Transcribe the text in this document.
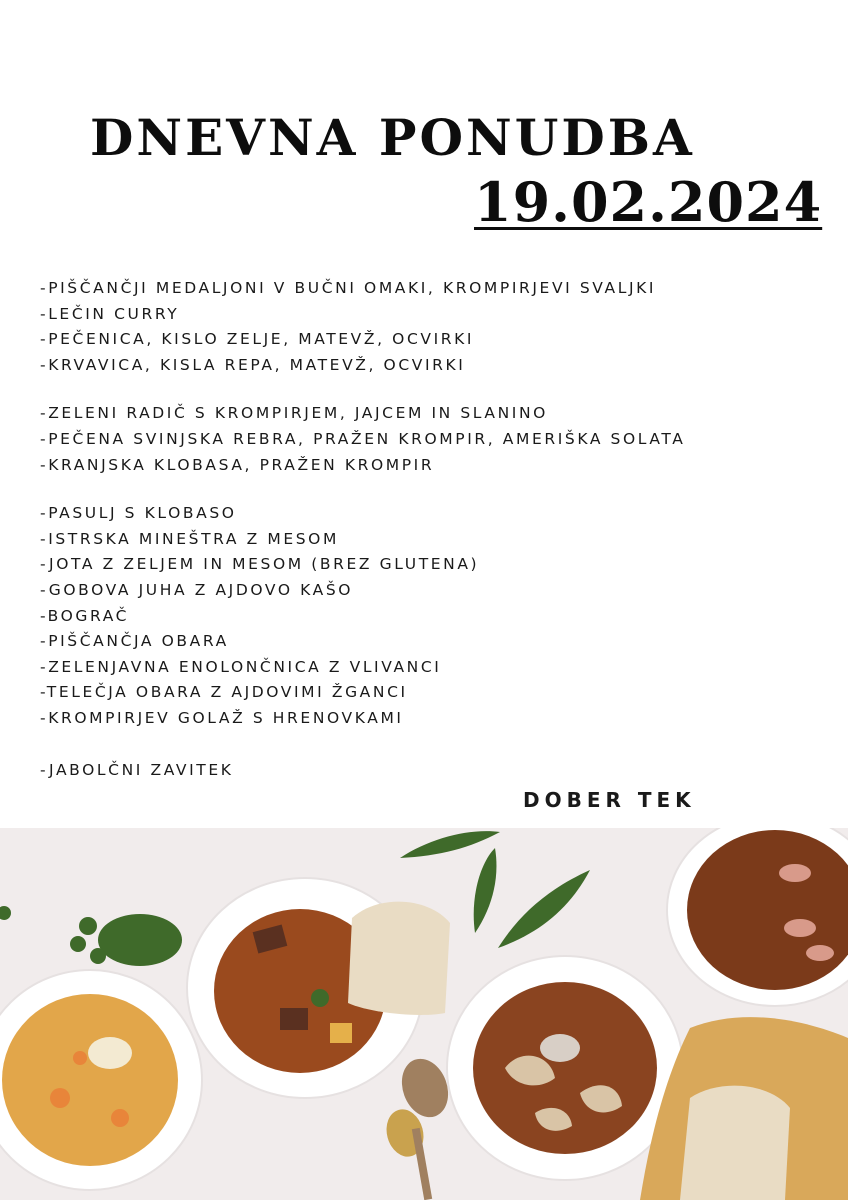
DNEVNA PONUDBA
19.02.2024
-PIŠČANČJI MEDALJONI V BUČNI OMAKI, KROMPIRJEVI SVALJKI
-LEČIN CURRY
-PEČENICA, KISLO ZELJE, MATEVŽ, OCVIRKI
-KRVAVICA, KISLA REPA, MATEVŽ, OCVIRKI
-ZELENI RADIČ S KROMPIRJEM, JAJCEM IN SLANINO
-PEČENA SVINJSKA REBRA, PRAŽEN KROMPIR, AMERIŠKA SOLATA
-KRANJSKA KLOBASA, PRAŽEN KROMPIR
-PASULJ S KLOBASO
-ISTRSKA MINEŠTRA Z MESOM
-JOTA Z ZELJEM IN MESOM (BREZ GLUTENA)
-GOBOVA JUHA Z AJDOVO KAŠO
-BOGRAČ
-PIŠČANČJA OBARA
-ZELENJAVNA ENOLONČNICA Z VLIVANCI
-TELEČJA OBARA Z AJDOVIMI ŽGANCI
-KROMPIRJEV GOLAŽ S HRENOVKAMI
-JABOLČNI ZAVITEK
DOBER TEK
